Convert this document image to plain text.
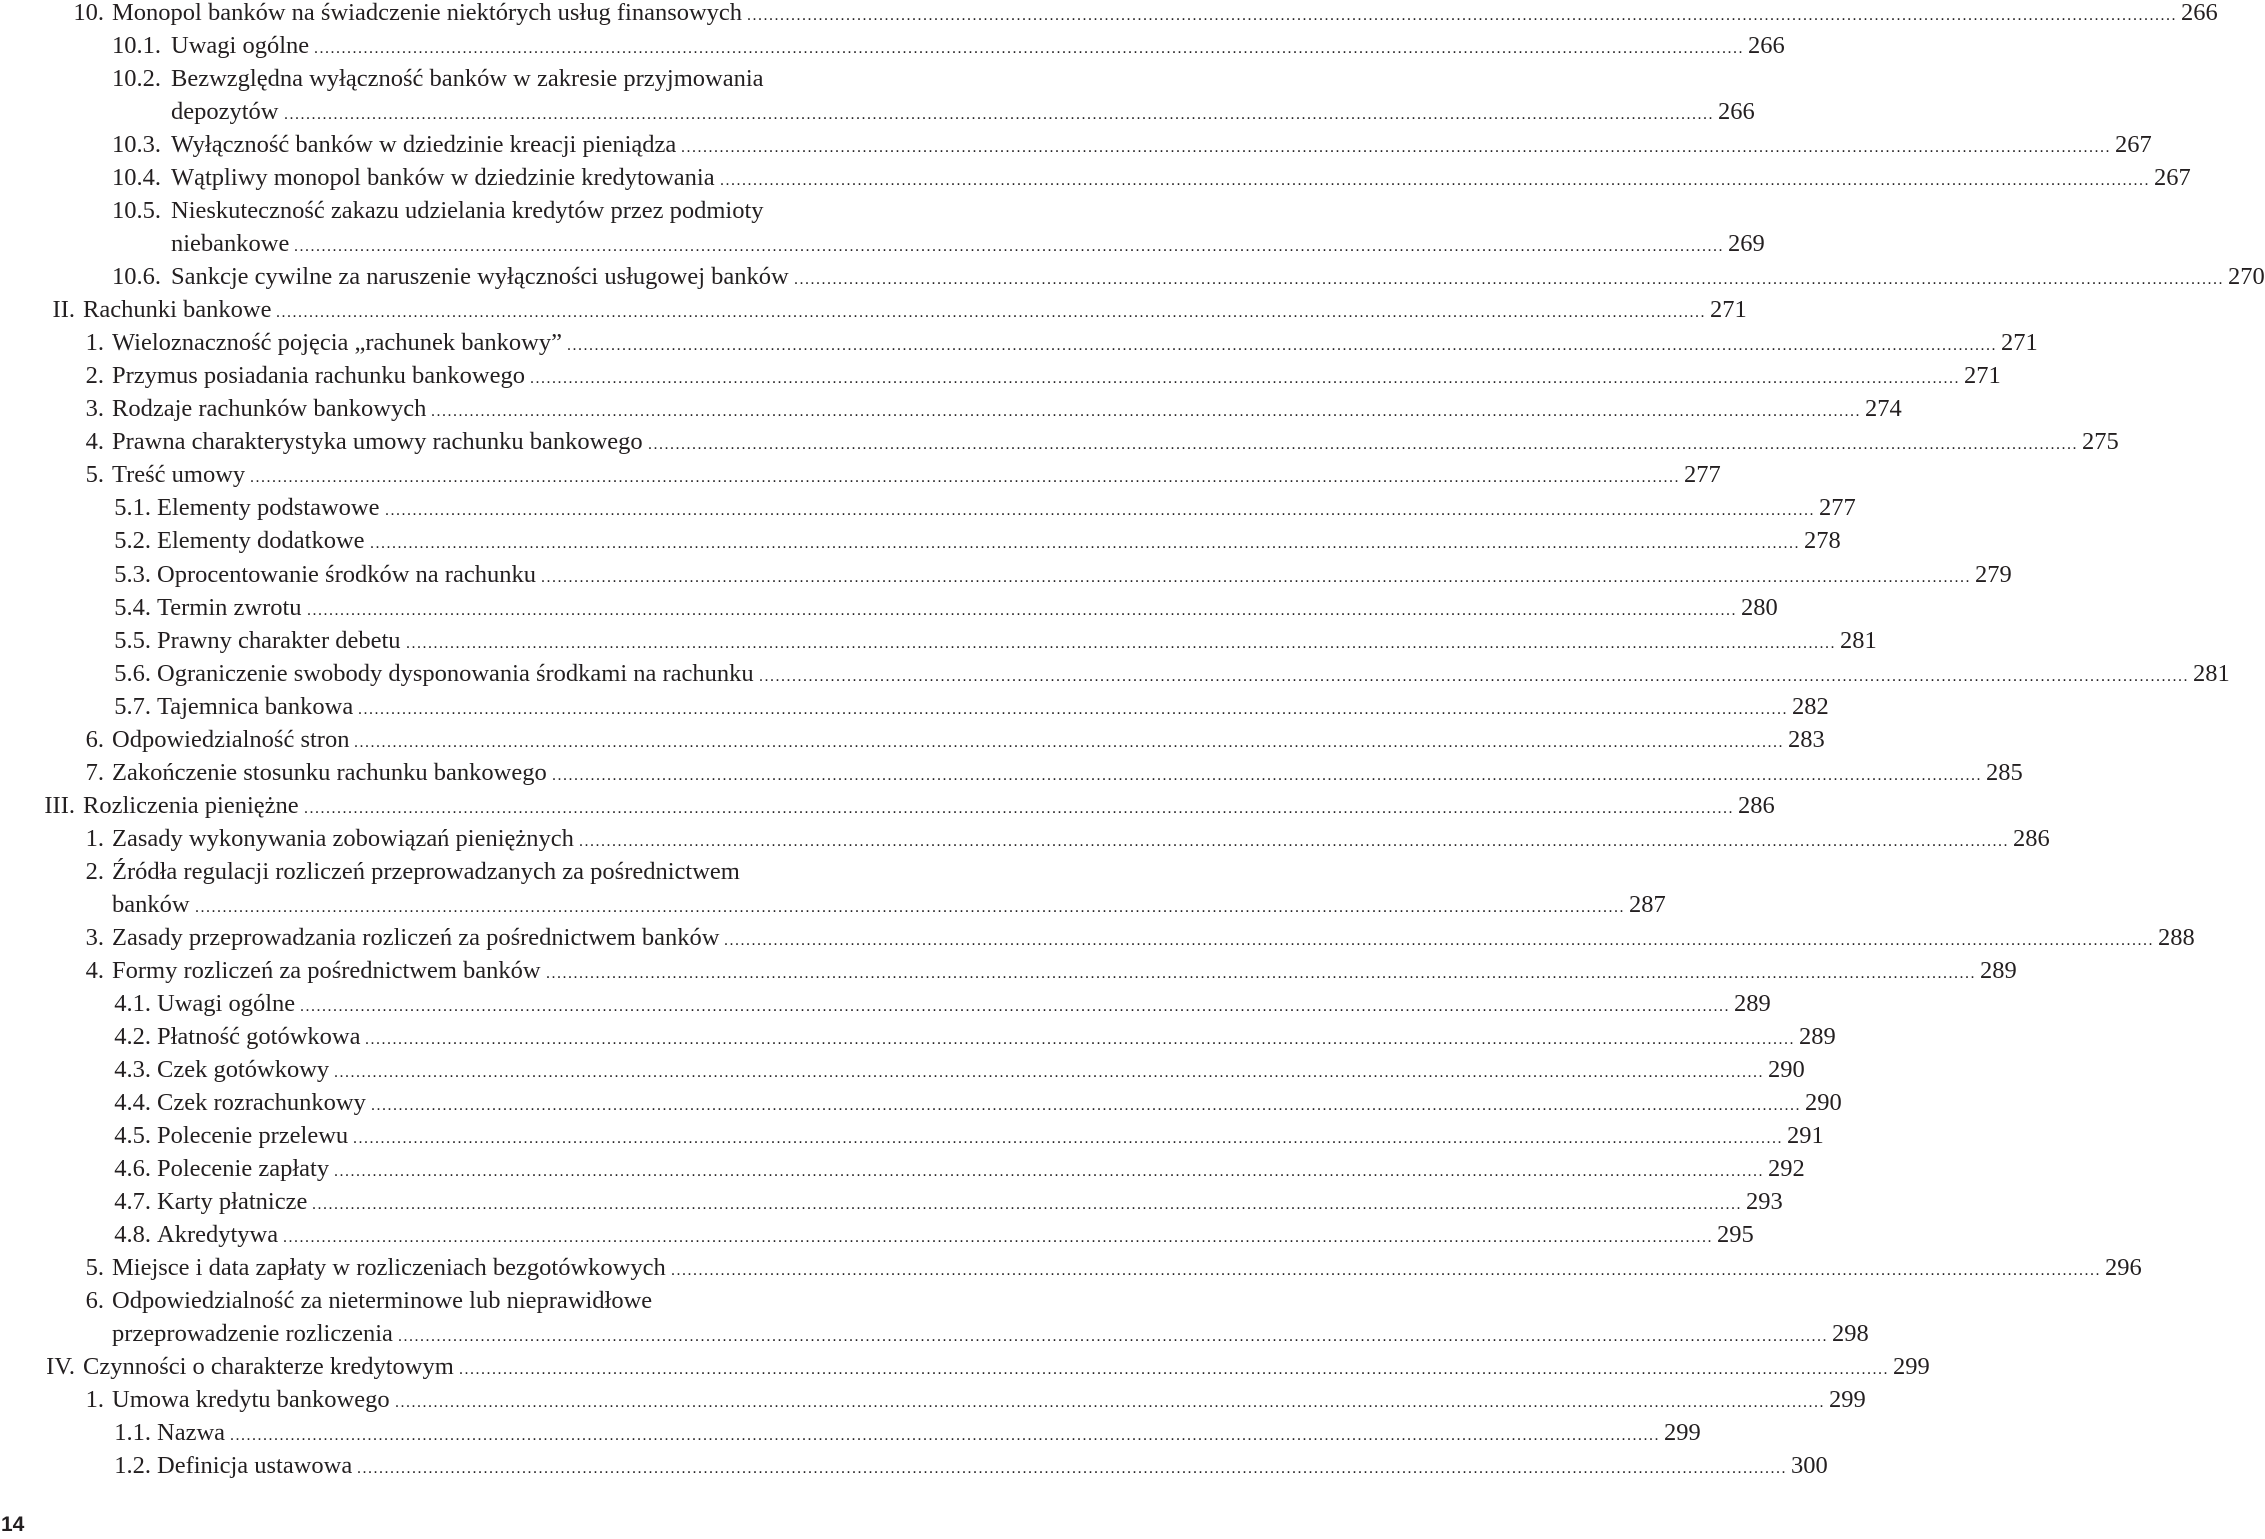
10. Monopol banków na świadczenie niektórych usług finansowych .................................................................................................................................................................................................................................................................... 266
10.1. Uwagi ogólne .................................................................................................................................................................................................................................................................... 266
10.2. Bezwzględna wyłączność banków w zakresie przyjmowania
depozytów .................................................................................................................................................................................................................................................................... 266
10.3. Wyłączność banków w dziedzinie kreacji pieniądza .................................................................................................................................................................................................................................................................... 267
10.4. Wątpliwy monopol banków w dziedzinie kredytowania .................................................................................................................................................................................................................................................................... 267
10.5. Nieskuteczność zakazu udzielania kredytów przez podmioty
niebankowe .................................................................................................................................................................................................................................................................... 269
10.6. Sankcje cywilne za naruszenie wyłączności usługowej banków .................................................................................................................................................................................................................................................................... 270
II. Rachunki bankowe .................................................................................................................................................................................................................................................................... 271
1. Wieloznaczność pojęcia „rachunek bankowy” .................................................................................................................................................................................................................................................................... 271
2. Przymus posiadania rachunku bankowego .................................................................................................................................................................................................................................................................... 271
3. Rodzaje rachunków bankowych .................................................................................................................................................................................................................................................................... 274
4. Prawna charakterystyka umowy rachunku bankowego .................................................................................................................................................................................................................................................................... 275
5. Treść umowy .................................................................................................................................................................................................................................................................... 277
5.1. Elementy podstawowe .................................................................................................................................................................................................................................................................... 277
5.2. Elementy dodatkowe .................................................................................................................................................................................................................................................................... 278
5.3. Oprocentowanie środków na rachunku .................................................................................................................................................................................................................................................................... 279
5.4. Termin zwrotu .................................................................................................................................................................................................................................................................... 280
5.5. Prawny charakter debetu .................................................................................................................................................................................................................................................................... 281
5.6. Ograniczenie swobody dysponowania środkami na rachunku .................................................................................................................................................................................................................................................................... 281
5.7. Tajemnica bankowa .................................................................................................................................................................................................................................................................... 282
6. Odpowiedzialność stron .................................................................................................................................................................................................................................................................... 283
7. Zakończenie stosunku rachunku bankowego .................................................................................................................................................................................................................................................................... 285
III. Rozliczenia pieniężne .................................................................................................................................................................................................................................................................... 286
1. Zasady wykonywania zobowiązań pieniężnych .................................................................................................................................................................................................................................................................... 286
2. Źródła regulacji rozliczeń przeprowadzanych za pośrednictwem
banków .................................................................................................................................................................................................................................................................... 287
3. Zasady przeprowadzania rozliczeń za pośrednictwem banków .................................................................................................................................................................................................................................................................... 288
4. Formy rozliczeń za pośrednictwem banków .................................................................................................................................................................................................................................................................... 289
4.1. Uwagi ogólne .................................................................................................................................................................................................................................................................... 289
4.2. Płatność gotówkowa .................................................................................................................................................................................................................................................................... 289
4.3. Czek gotówkowy .................................................................................................................................................................................................................................................................... 290
4.4. Czek rozrachunkowy .................................................................................................................................................................................................................................................................... 290
4.5. Polecenie przelewu .................................................................................................................................................................................................................................................................... 291
4.6. Polecenie zapłaty .................................................................................................................................................................................................................................................................... 292
4.7. Karty płatnicze .................................................................................................................................................................................................................................................................... 293
4.8. Akredytywa .................................................................................................................................................................................................................................................................... 295
5. Miejsce i data zapłaty w rozliczeniach bezgotówkowych .................................................................................................................................................................................................................................................................... 296
6. Odpowiedzialność za nieterminowe lub nieprawidłowe
przeprowadzenie rozliczenia .................................................................................................................................................................................................................................................................... 298
IV. Czynności o charakterze kredytowym .................................................................................................................................................................................................................................................................... 299
1. Umowa kredytu bankowego .................................................................................................................................................................................................................................................................... 299
1.1. Nazwa .................................................................................................................................................................................................................................................................... 299
1.2. Definicja ustawowa .................................................................................................................................................................................................................................................................... 300
14
